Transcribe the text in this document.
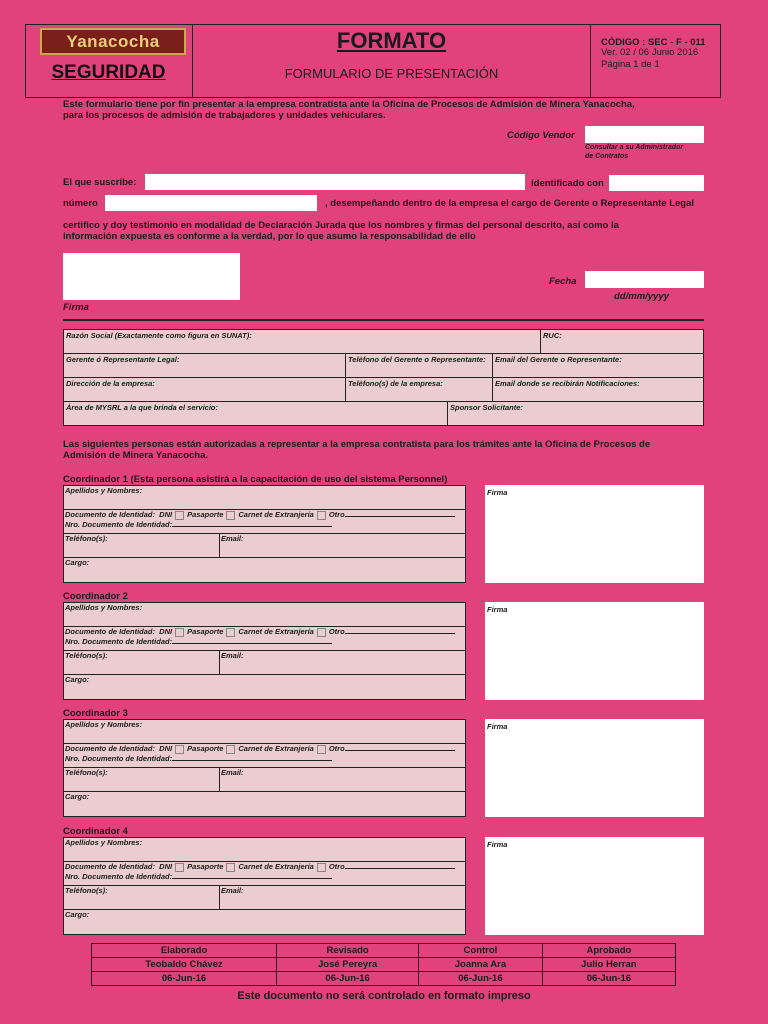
Yanacocha
SEGURIDAD
FORMATO
FORMULARIO DE PRESENTACIÓN
CÓDIGO : SEC - F - 011
Ver. 02 / 06 Junio 2016
Página 1 de 1
Este formulario tiene por fin presentar a la empresa contratista ante la Oficina de Procesos de Admisión de Minera Yanacocha,
para los procesos de admisión de trabajadores y unidades vehiculares.
Código Vendor
Consultar a su Administrador
de Contratos
El que suscribe:	identificado con
número	, desempeñando dentro de la empresa el cargo de Gerente o Representante Legal
certifico y doy testimonio en modalidad de Declaración Jurada que los nombres y firmas del personal descrito, así como la
información expuesta es conforme a la verdad, por lo que asumo la responsabilidad de ello
Firma
Fecha
dd/mm/yyyy
Razón Social (Exactamente como figura en SUNAT):	RUC:
Gerente ó Representante Legal:	Teléfono del Gerente o Representante:	Email del Gerente o Representante:
Dirección de la empresa:	Teléfono(s) de la empresa:	Email donde se recibirán Notificaciones:
Área de MYSRL a la que brinda el servicio:	Sponsor Solicitante:
Las siguientes personas están autorizadas a representar a la empresa contratista para los trámites ante la Oficina de Procesos de
Admisión de Minera Yanacocha.
Coordinador 1 (Esta persona asistirá a la capacitación de uso del sistema Personnel)
Apellidos y Nombres:
Documento de Identidad: DNI Pasaporte Carnet de Extranjería Otro
Nro. Documento de Identidad:
Teléfono(s):	Email:
Cargo:
Firma
Coordinador 2
Apellidos y Nombres:
Documento de Identidad: DNI Pasaporte Carnet de Extranjería Otro
Nro. Documento de Identidad:
Teléfono(s):	Email:
Cargo:
Firma
Coordinador 3
Apellidos y Nombres:
Documento de Identidad: DNI Pasaporte Carnet de Extranjería Otro
Nro. Documento de Identidad:
Teléfono(s):	Email:
Cargo:
Firma
Coordinador 4
Apellidos y Nombres:
Documento de Identidad: DNI Pasaporte Carnet de Extranjería Otro
Nro. Documento de Identidad:
Teléfono(s):	Email:
Cargo:
Firma
Elaborado	Revisado	Control	Aprobado
Teobaldo Chávez	José Pereyra	Joanna Ara	Julio Herran
06-Jun-16	06-Jun-16	06-Jun-16	06-Jun-16
Este documento no será controlado en formato impreso
